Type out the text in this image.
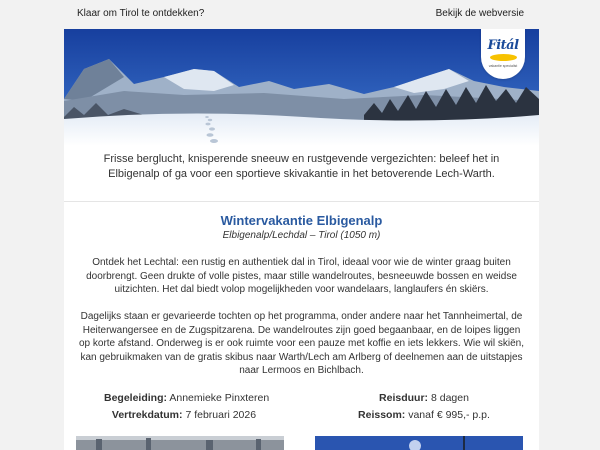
Klaar om Tirol te ontdekken?	Bekijk de webversie
Fitál
vakantie specialist
Frisse berglucht, knisperende sneeuw en rustgevende vergezichten: beleef het in Elbigenalp of ga voor een sportieve skivakantie in het betoverende Lech-Warth.
Wintervakantie Elbigenalp
Elbigenalp/Lechdal – Tirol (1050 m)
Ontdek het Lechtal: een rustig en authentiek dal in Tirol, ideaal voor wie de winter graag buiten doorbrengt. Geen drukte of volle pistes, maar stille wandelroutes, besneeuwde bossen en weidse uitzichten. Het dal biedt volop mogelijkheden voor wandelaars, langlaufers én skiërs.
Dagelijks staan er gevarieerde tochten op het programma, onder andere naar het Tannheimertal, de Heiterwangersee en de Zugspitzarena. De wandelroutes zijn goed begaanbaar, en de loipes liggen op korte afstand. Onderweg is er ook ruimte voor een pauze met koffie en iets lekkers. Wie wil skiën, kan gebruikmaken van de gratis skibus naar Warth/Lech am Arlberg of deelnemen aan de uitstapjes naar Lermoos en Bichlbach.
Begeleiding: Annemieke Pinxteren
Vertrekdatum: 7 februari 2026
Reisduur: 8 dagen
Reissom: vanaf € 995,- p.p.
